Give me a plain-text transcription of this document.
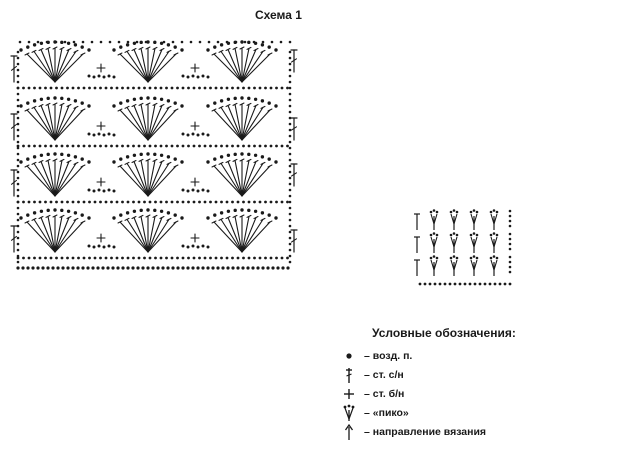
Схема 1
Условные обозначения:
– возд. п.
– ст. с/н
– ст. б/н
– «пико»
– направление вязания
